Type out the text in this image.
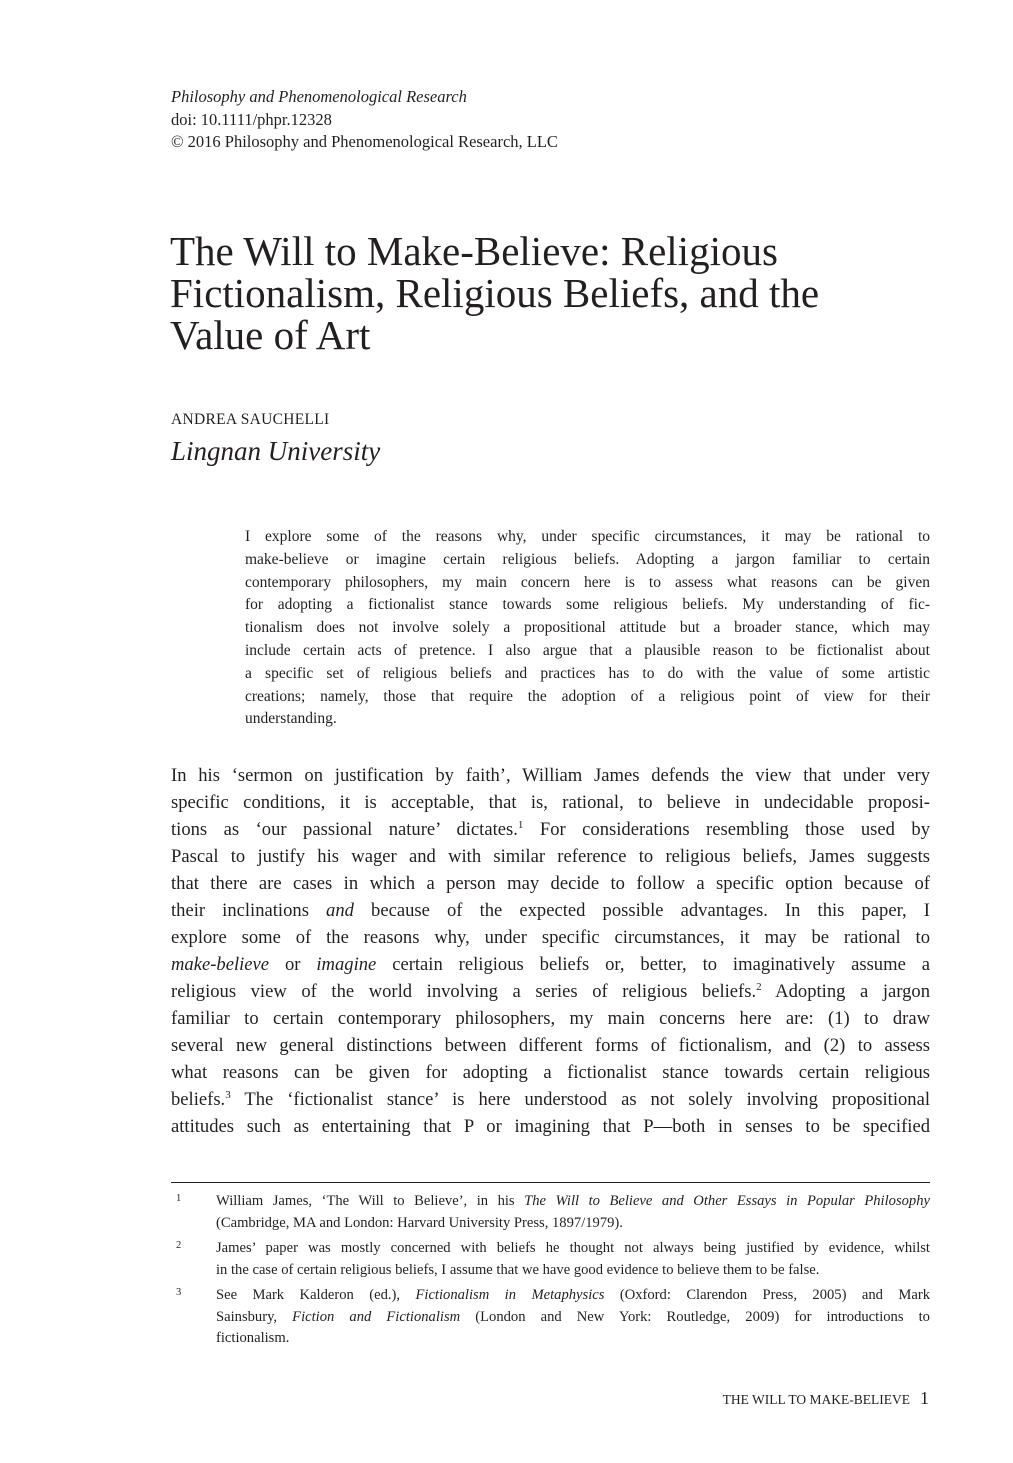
Philosophy and Phenomenological Research
doi: 10.1111/phpr.12328
© 2016 Philosophy and Phenomenological Research, LLC
The Will to Make-Believe: Religious
Fictionalism, Religious Beliefs, and the
Value of Art
ANDREA SAUCHELLI
Lingnan University
I explore some of the reasons why, under specific circumstances, it may be rational to
make-believe or imagine certain religious beliefs. Adopting a jargon familiar to certain
contemporary philosophers, my main concern here is to assess what reasons can be given
for adopting a fictionalist stance towards some religious beliefs. My understanding of fic-
tionalism does not involve solely a propositional attitude but a broader stance, which may
include certain acts of pretence. I also argue that a plausible reason to be fictionalist about
a specific set of religious beliefs and practices has to do with the value of some artistic
creations; namely, those that require the adoption of a religious point of view for their
understanding.
In his ‘sermon on justification by faith’, William James defends the view that under very
specific conditions, it is acceptable, that is, rational, to believe in undecidable proposi-
tions as ‘our passional nature’ dictates.$^1$ For considerations resembling those used by
Pascal to justify his wager and with similar reference to religious beliefs, James suggests
that there are cases in which a person may decide to follow a specific option because of
their inclinations and because of the expected possible advantages. In this paper, I
explore some of the reasons why, under specific circumstances, it may be rational to
make-believe or imagine certain religious beliefs or, better, to imaginatively assume a
religious view of the world involving a series of religious beliefs.$^2$ Adopting a jargon
familiar to certain contemporary philosophers, my main concerns here are: (1) to draw
several new general distinctions between different forms of fictionalism, and (2) to assess
what reasons can be given for adopting a fictionalist stance towards certain religious
beliefs.$^3$ The ‘fictionalist stance’ is here understood as not solely involving propositional
attitudes such as entertaining that P or imagining that P—both in senses to be specified
1 William James, ‘The Will to Believe’, in his The Will to Believe and Other Essays in Popular Philosophy
(Cambridge, MA and London: Harvard University Press, 1897/1979).
2 James’ paper was mostly concerned with beliefs he thought not always being justified by evidence, whilst
in the case of certain religious beliefs, I assume that we have good evidence to believe them to be false.
3 See Mark Kalderon (ed.), Fictionalism in Metaphysics (Oxford: Clarendon Press, 2005) and Mark
Sainsbury, Fiction and Fictionalism (London and New York: Routledge, 2009) for introductions to
fictionalism.
THE WILL TO MAKE-BELIEVE 1
